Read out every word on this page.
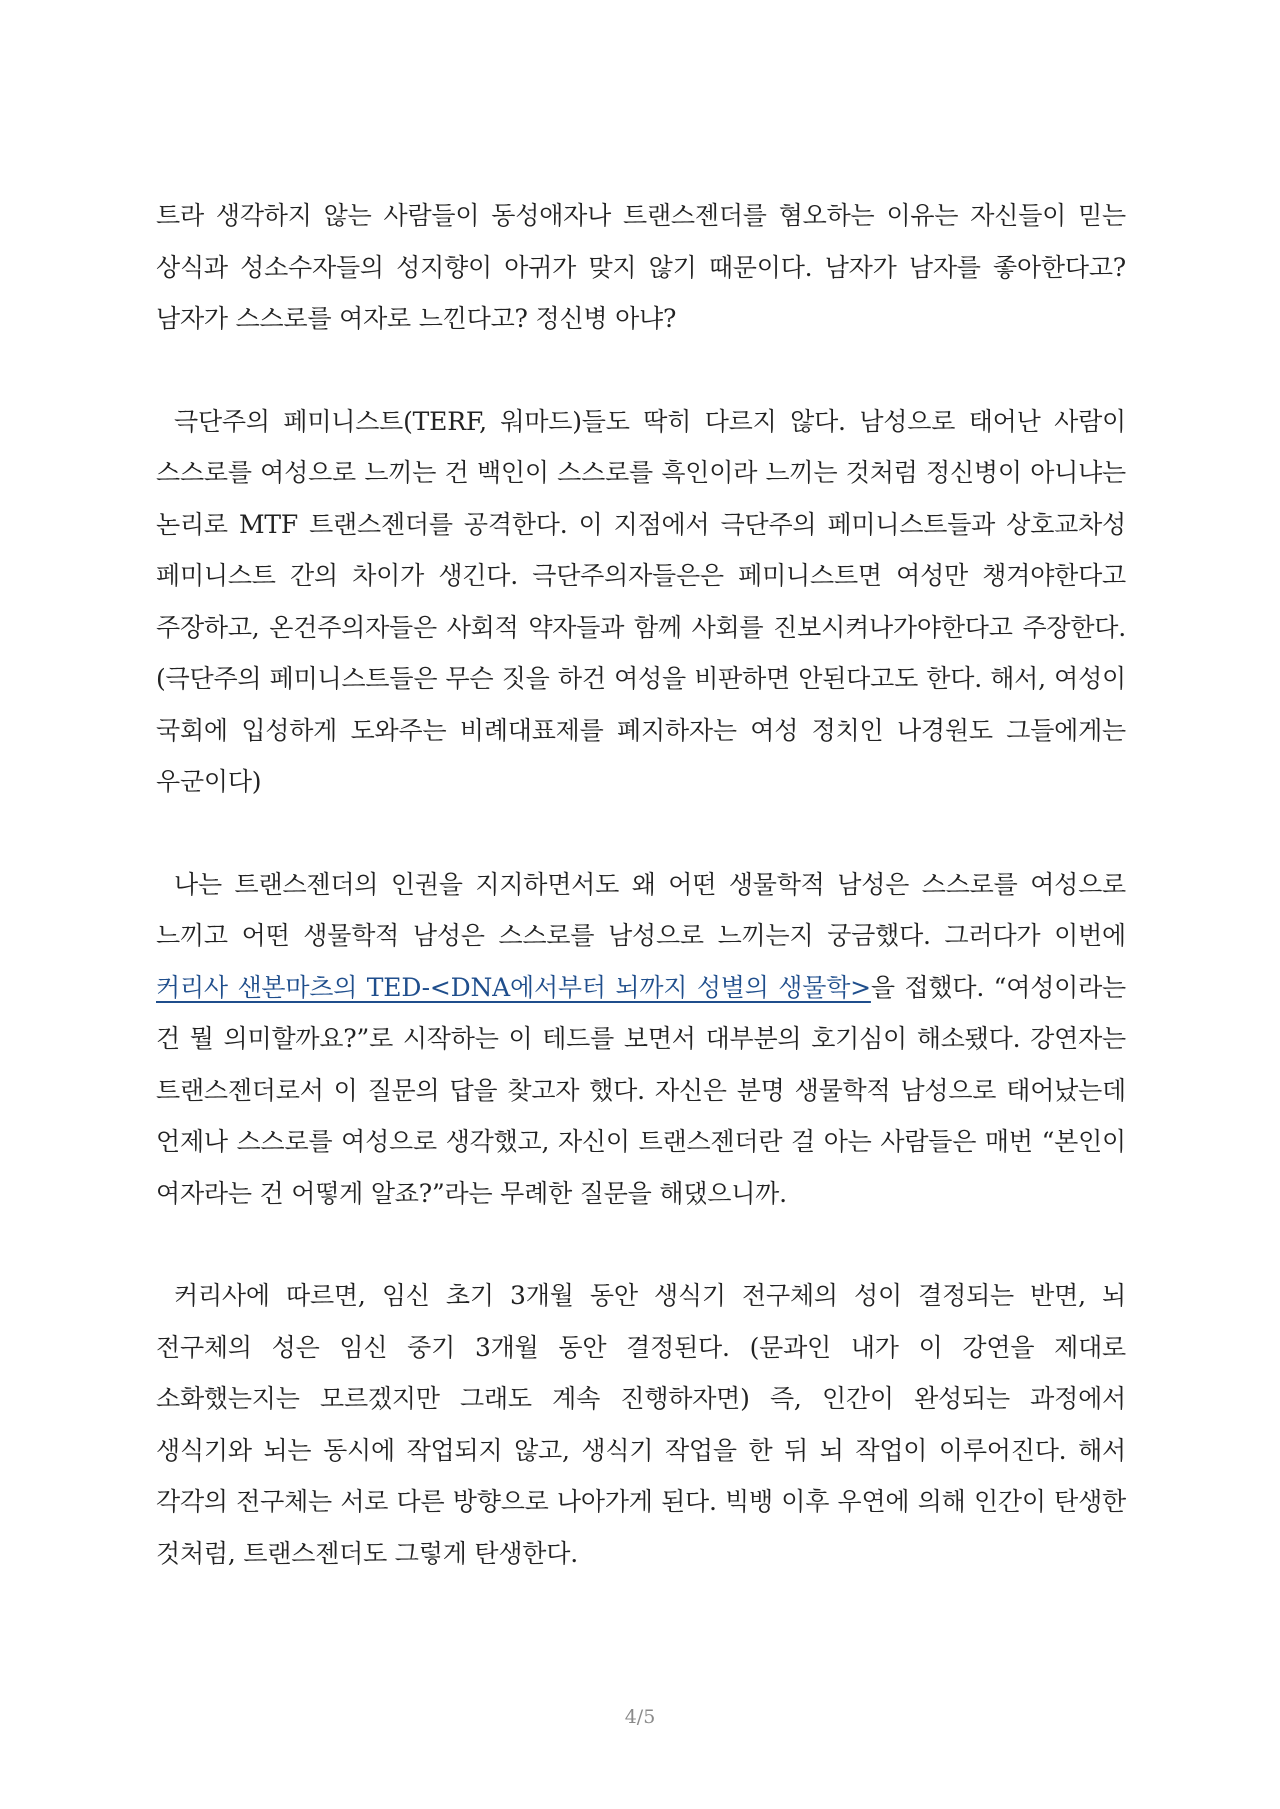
트라 생각하지 않는 사람들이 동성애자나 트랜스젠더를 혐오하는 이유는 자신들이 믿는 상식과 성소수자들의 성지향이 아귀가 맞지 않기 때문이다. 남자가 남자를 좋아한다고? 남자가 스스로를 여자로 느낀다고? 정신병 아냐?

극단주의 페미니스트(TERF, 워마드)들도 딱히 다르지 않다. 남성으로 태어난 사람이 스스로를 여성으로 느끼는 건 백인이 스스로를 흑인이라 느끼는 것처럼 정신병이 아니냐는 논리로 MTF 트랜스젠더를 공격한다. 이 지점에서 극단주의 페미니스트들과 상호교차성 페미니스트 간의 차이가 생긴다. 극단주의자들은은 페미니스트면 여성만 챙겨야한다고 주장하고, 온건주의자들은 사회적 약자들과 함께 사회를 진보시켜나가야한다고 주장한다. (극단주의 페미니스트들은 무슨 짓을 하건 여성을 비판하면 안된다고도 한다. 해서, 여성이 국회에 입성하게 도와주는 비례대표제를 폐지하자는 여성 정치인 나경원도 그들에게는 우군이다)

나는 트랜스젠더의 인권을 지지하면서도 왜 어떤 생물학적 남성은 스스로를 여성으로 느끼고 어떤 생물학적 남성은 스스로를 남성으로 느끼는지 궁금했다. 그러다가 이번에 커리사 샌본마츠의 TED-<DNA에서부터 뇌까지 성별의 생물학>을 접했다. “여성이라는 건 뭘 의미할까요?”로 시작하는 이 테드를 보면서 대부분의 호기심이 해소됐다. 강연자는 트랜스젠더로서 이 질문의 답을 찾고자 했다. 자신은 분명 생물학적 남성으로 태어났는데 언제나 스스로를 여성으로 생각했고, 자신이 트랜스젠더란 걸 아는 사람들은 매번 “본인이 여자라는 건 어떻게 알죠?”라는 무례한 질문을 해댔으니까.

커리사에 따르면, 임신 초기 3개월 동안 생식기 전구체의 성이 결정되는 반면, 뇌 전구체의 성은 임신 중기 3개월 동안 결정된다. (문과인 내가 이 강연을 제대로 소화했는지는 모르겠지만 그래도 계속 진행하자면) 즉, 인간이 완성되는 과정에서 생식기와 뇌는 동시에 작업되지 않고, 생식기 작업을 한 뒤 뇌 작업이 이루어진다. 해서 각각의 전구체는 서로 다른 방향으로 나아가게 된다. 빅뱅 이후 우연에 의해 인간이 탄생한 것처럼, 트랜스젠더도 그렇게 탄생한다.

4/5
